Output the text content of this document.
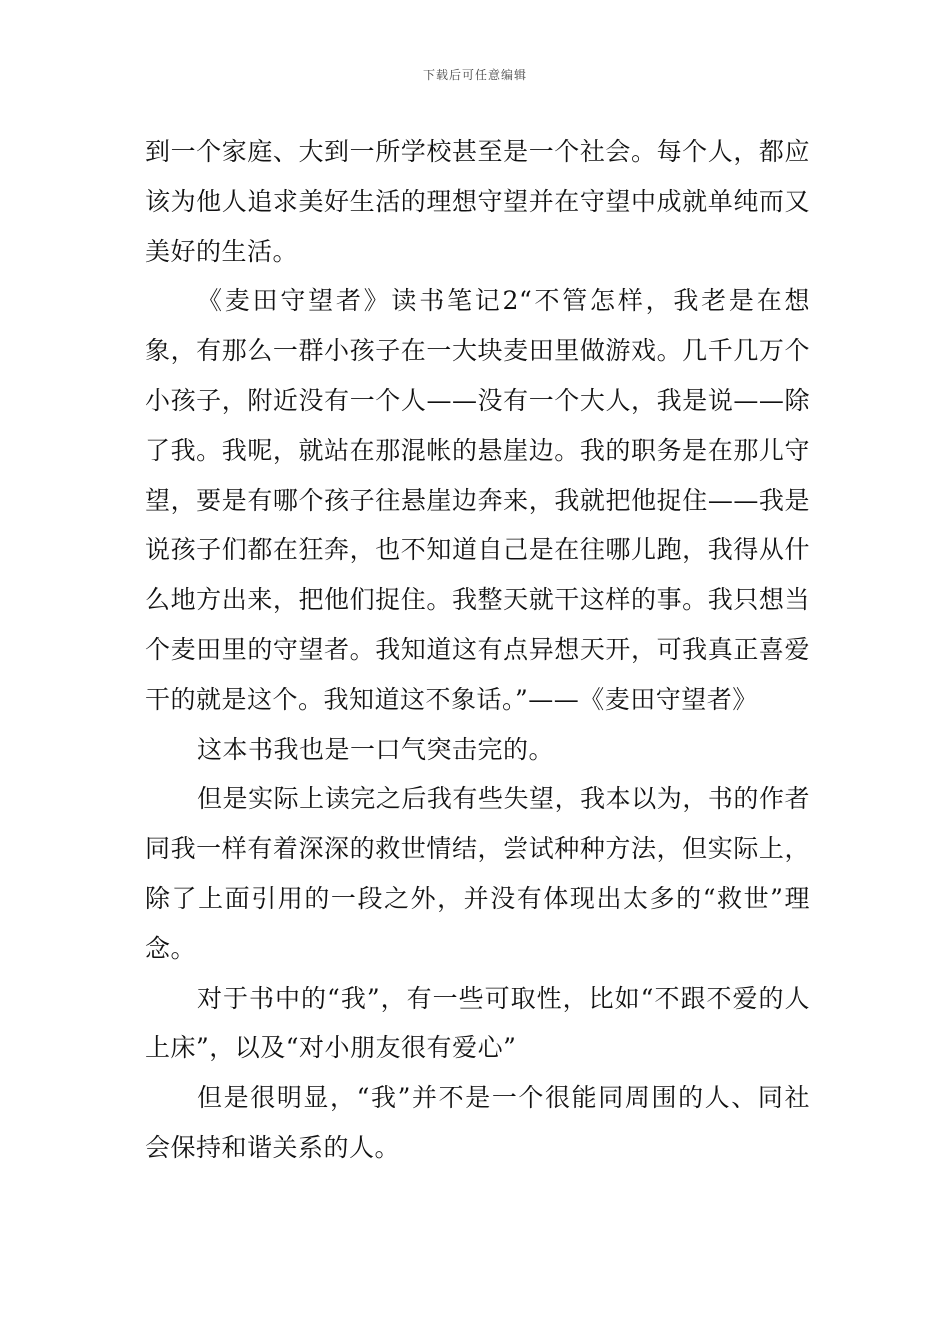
下载后可任意编辑

到一个家庭、大到一所学校甚至是一个社会。每个人，都应该为他人追求美好生活的理想守望并在守望中成就单纯而又美好的生活。

《麦田守望者》读书笔记2“不管怎样，我老是在想象，有那么一群小孩子在一大块麦田里做游戏。几千几万个小孩子，附近没有一个人——没有一个大人，我是说——除了我。我呢，就站在那混帐的悬崖边。我的职务是在那儿守望，要是有哪个孩子往悬崖边奔来，我就把他捉住——我是说孩子们都在狂奔，也不知道自己是在往哪儿跑，我得从什么地方出来，把他们捉住。我整天就干这样的事。我只想当个麦田里的守望者。我知道这有点异想天开，可我真正喜爱干的就是这个。我知道这不象话。”——《麦田守望者》

这本书我也是一口气突击完的。

但是实际上读完之后我有些失望，我本以为，书的作者同我一样有着深深的救世情结，尝试种种方法，但实际上，除了上面引用的一段之外，并没有体现出太多的“救世”理念。

对于书中的“我”，有一些可取性，比如“不跟不爱的人上床”，以及“对小朋友很有爱心”

但是很明显，“我”并不是一个很能同周围的人、同社会保持和谐关系的人。
